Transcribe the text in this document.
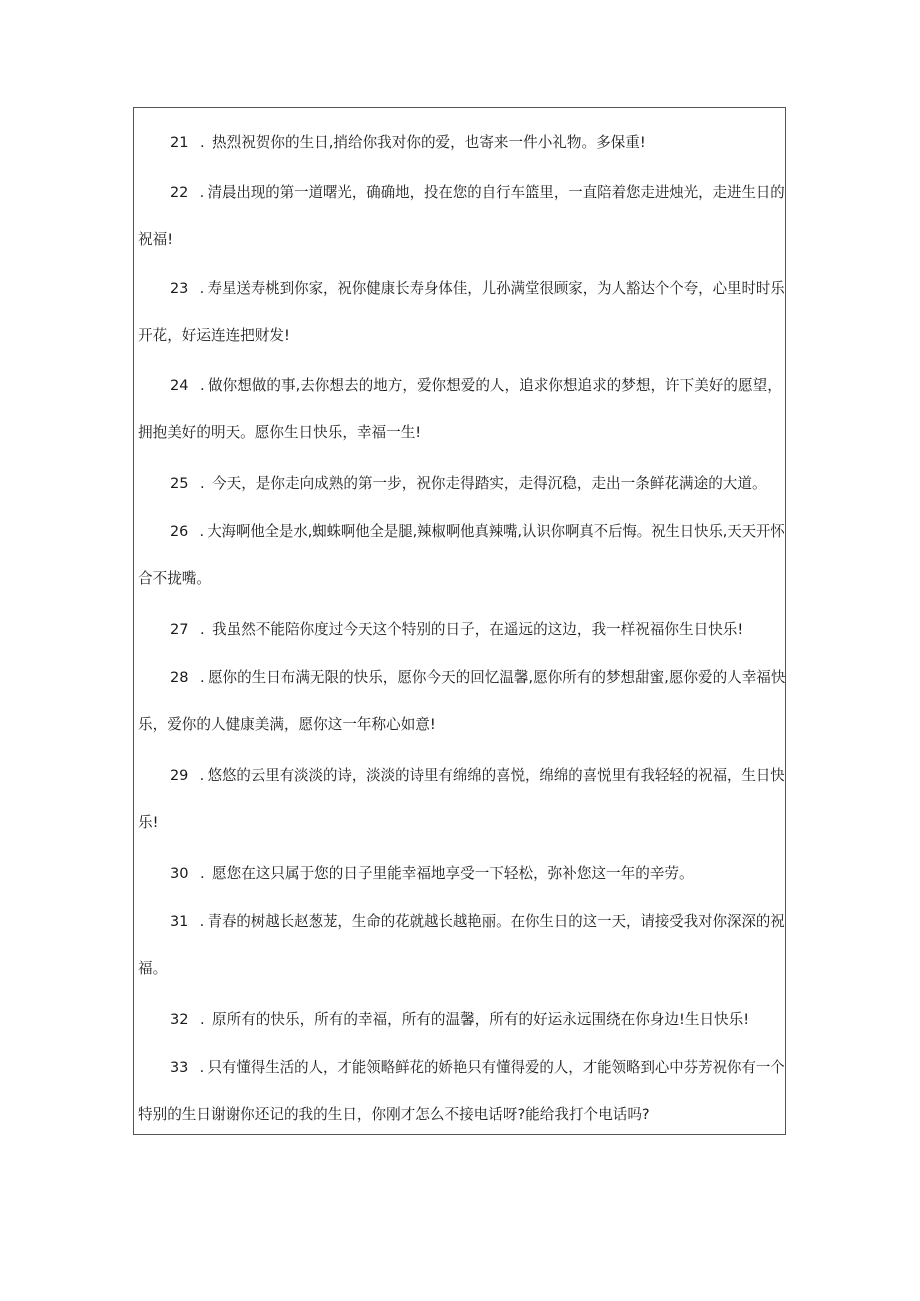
21 . 热烈祝贺你的生日,捎给你我对你的爱，也寄来一件小礼物。多保重!
22 . 清晨出现的第一道曙光，确确地，投在您的自行车篮里，一直陪着您走进烛光，走进生日的
祝福!
23 . 寿星送寿桃到你家，祝你健康长寿身体佳，儿孙满堂很顾家，为人豁达个个夸，心里时时乐
开花，好运连连把财发!
24 . 做你想做的事,去你想去的地方，爱你想爱的人，追求你想追求的梦想，许下美好的愿望，
拥抱美好的明天。愿你生日快乐，幸福一生!
25 . 今天，是你走向成熟的第一步，祝你走得踏实，走得沉稳，走出一条鲜花满途的大道。
26 . 大海啊他全是水,蜘蛛啊他全是腿,辣椒啊他真辣嘴,认识你啊真不后悔。祝生日快乐,天天开怀
合不拢嘴。
27 . 我虽然不能陪你度过今天这个特别的日子，在遥远的这边，我一样祝福你生日快乐!
28 . 愿你的生日布满无限的快乐，愿你今天的回忆温馨,愿你所有的梦想甜蜜,愿你爱的人幸福快
乐，爱你的人健康美满，愿你这一年称心如意!
29 . 悠悠的云里有淡淡的诗，淡淡的诗里有绵绵的喜悦，绵绵的喜悦里有我轻轻的祝福，生日快
乐!
30 . 愿您在这只属于您的日子里能幸福地享受一下轻松，弥补您这一年的辛劳。
31 . 青春的树越长赵葱茏，生命的花就越长越艳丽。在你生日的这一天，请接受我对你深深的祝
福。
32 . 原所有的快乐，所有的幸福，所有的温馨，所有的好运永远围绕在你身边!生日快乐!
33 . 只有懂得生活的人，才能领略鲜花的娇艳只有懂得爱的人，才能领略到心中芬芳祝你有一个
特别的生日谢谢你还记的我的生日，你刚才怎么不接电话呀?能给我打个电话吗?
